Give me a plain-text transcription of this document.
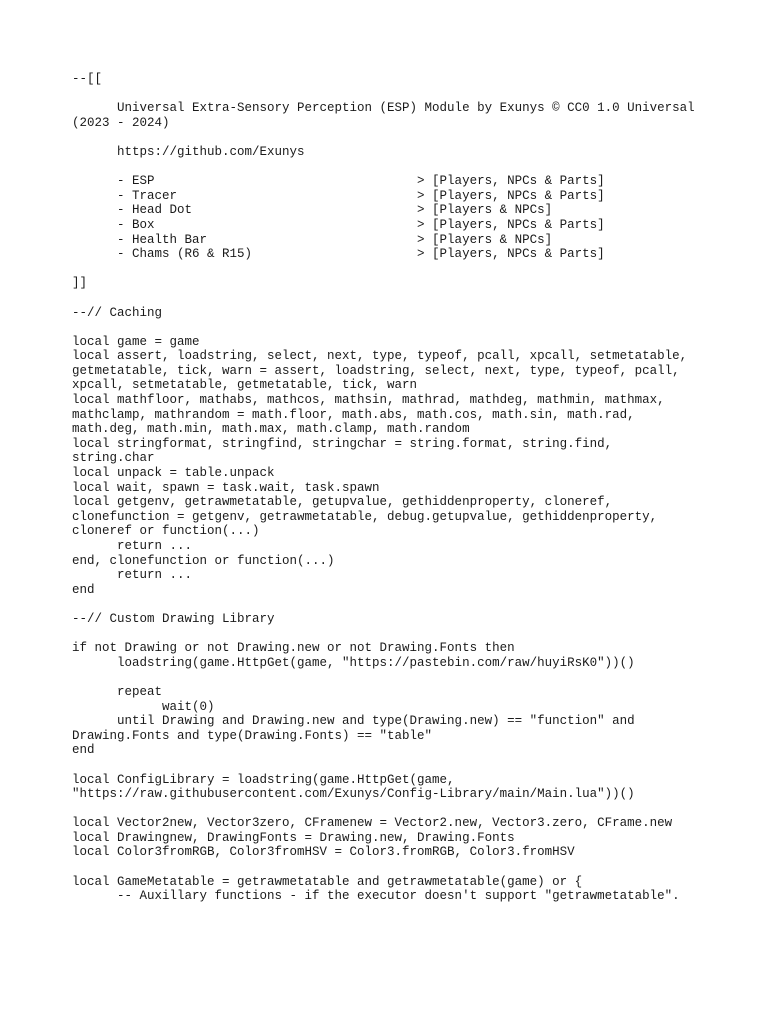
--[[
Universal Extra-Sensory Perception (ESP) Module by Exunys © CC0 1.0 Universal
(2023 - 2024)
https://github.com/Exunys
- ESP                                   > [Players, NPCs & Parts]
- Tracer                                > [Players, NPCs & Parts]
- Head Dot                              > [Players & NPCs]
- Box                                   > [Players, NPCs & Parts]
- Health Bar                            > [Players & NPCs]
- Chams (R6 & R15)                      > [Players, NPCs & Parts]
]]
--// Caching
local game = game
local assert, loadstring, select, next, type, typeof, pcall, xpcall, setmetatable,
getmetatable, tick, warn = assert, loadstring, select, next, type, typeof, pcall,
xpcall, setmetatable, getmetatable, tick, warn
local mathfloor, mathabs, mathcos, mathsin, mathrad, mathdeg, mathmin, mathmax,
mathclamp, mathrandom = math.floor, math.abs, math.cos, math.sin, math.rad,
math.deg, math.min, math.max, math.clamp, math.random
local stringformat, stringfind, stringchar = string.format, string.find,
string.char
local unpack = table.unpack
local wait, spawn = task.wait, task.spawn
local getgenv, getrawmetatable, getupvalue, gethiddenproperty, cloneref,
clonefunction = getgenv, getrawmetatable, debug.getupvalue, gethiddenproperty,
cloneref or function(...)
return ...
end, clonefunction or function(...)
return ...
end
--// Custom Drawing Library
if not Drawing or not Drawing.new or not Drawing.Fonts then
loadstring(game.HttpGet(game, "https://pastebin.com/raw/huyiRsK0"))()
repeat
wait(0)
until Drawing and Drawing.new and type(Drawing.new) == "function" and
Drawing.Fonts and type(Drawing.Fonts) == "table"
end
local ConfigLibrary = loadstring(game.HttpGet(game,
"https://raw.githubusercontent.com/Exunys/Config-Library/main/Main.lua"))()
local Vector2new, Vector3zero, CFramenew = Vector2.new, Vector3.zero, CFrame.new
local Drawingnew, DrawingFonts = Drawing.new, Drawing.Fonts
local Color3fromRGB, Color3fromHSV = Color3.fromRGB, Color3.fromHSV
local GameMetatable = getrawmetatable and getrawmetatable(game) or {
-- Auxillary functions - if the executor doesn't support "getrawmetatable".
